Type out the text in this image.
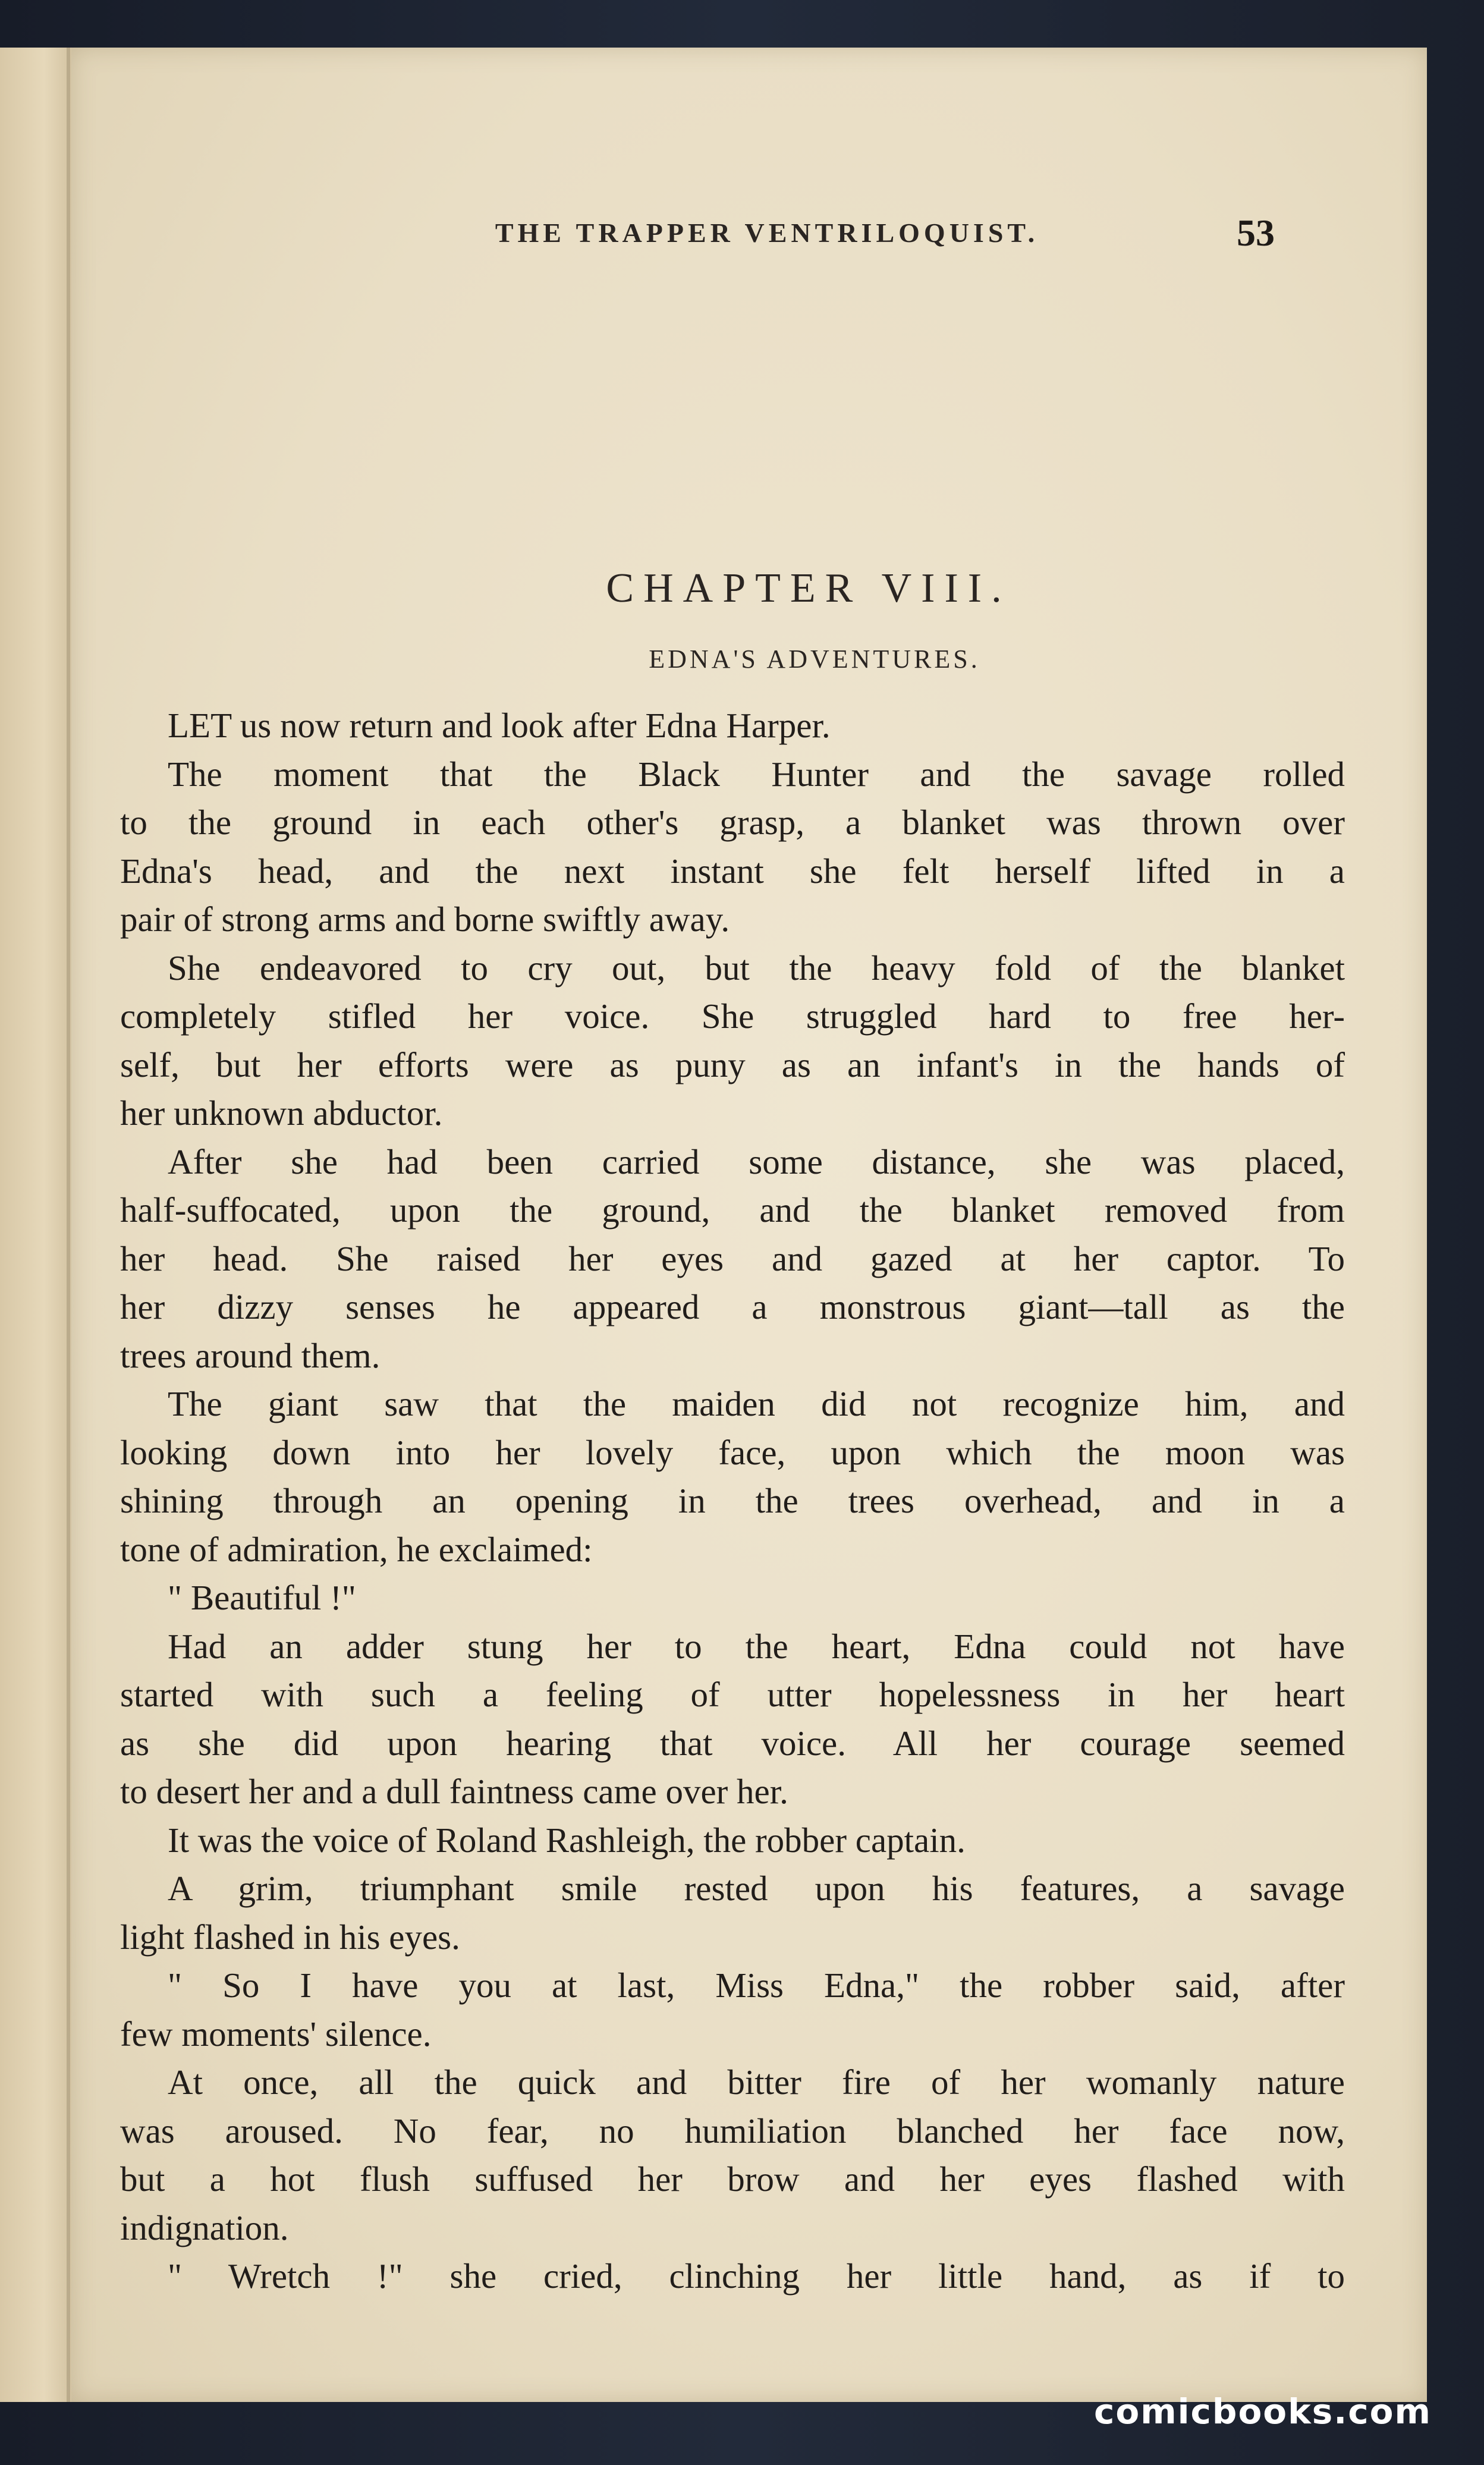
THE TRAPPER VENTRILOQUIST.	53
CHAPTER VIII.
EDNA'S ADVENTURES.
LET us now return and look after Edna Harper.
The moment that the Black Hunter and the savage rolled
to the ground in each other's grasp, a blanket was thrown over
Edna's head, and the next instant she felt herself lifted in a
pair of strong arms and borne swiftly away.
She endeavored to cry out, but the heavy fold of the blanket
completely stifled her voice. She struggled hard to free her-
self, but her efforts were as puny as an infant's in the hands of
her unknown abductor.
After she had been carried some distance, she was placed,
half-suffocated, upon the ground, and the blanket removed from
her head. She raised her eyes and gazed at her captor. To
her dizzy senses he appeared a monstrous giant—tall as the
trees around them.
The giant saw that the maiden did not recognize him, and
looking down into her lovely face, upon which the moon was
shining through an opening in the trees overhead, and in a
tone of admiration, he exclaimed:
" Beautiful !"
Had an adder stung her to the heart, Edna could not have
started with such a feeling of utter hopelessness in her heart
as she did upon hearing that voice. All her courage seemed
to desert her and a dull faintness came over her.
It was the voice of Roland Rashleigh, the robber captain.
A grim, triumphant smile rested upon his features, a savage
light flashed in his eyes.
" So I have you at last, Miss Edna," the robber said, after
few moments' silence.
At once, all the quick and bitter fire of her womanly nature
was aroused. No fear, no humiliation blanched her face now,
but a hot flush suffused her brow and her eyes flashed with
indignation.
" Wretch !" she cried, clinching her little hand, as if to
comicbooks.com
